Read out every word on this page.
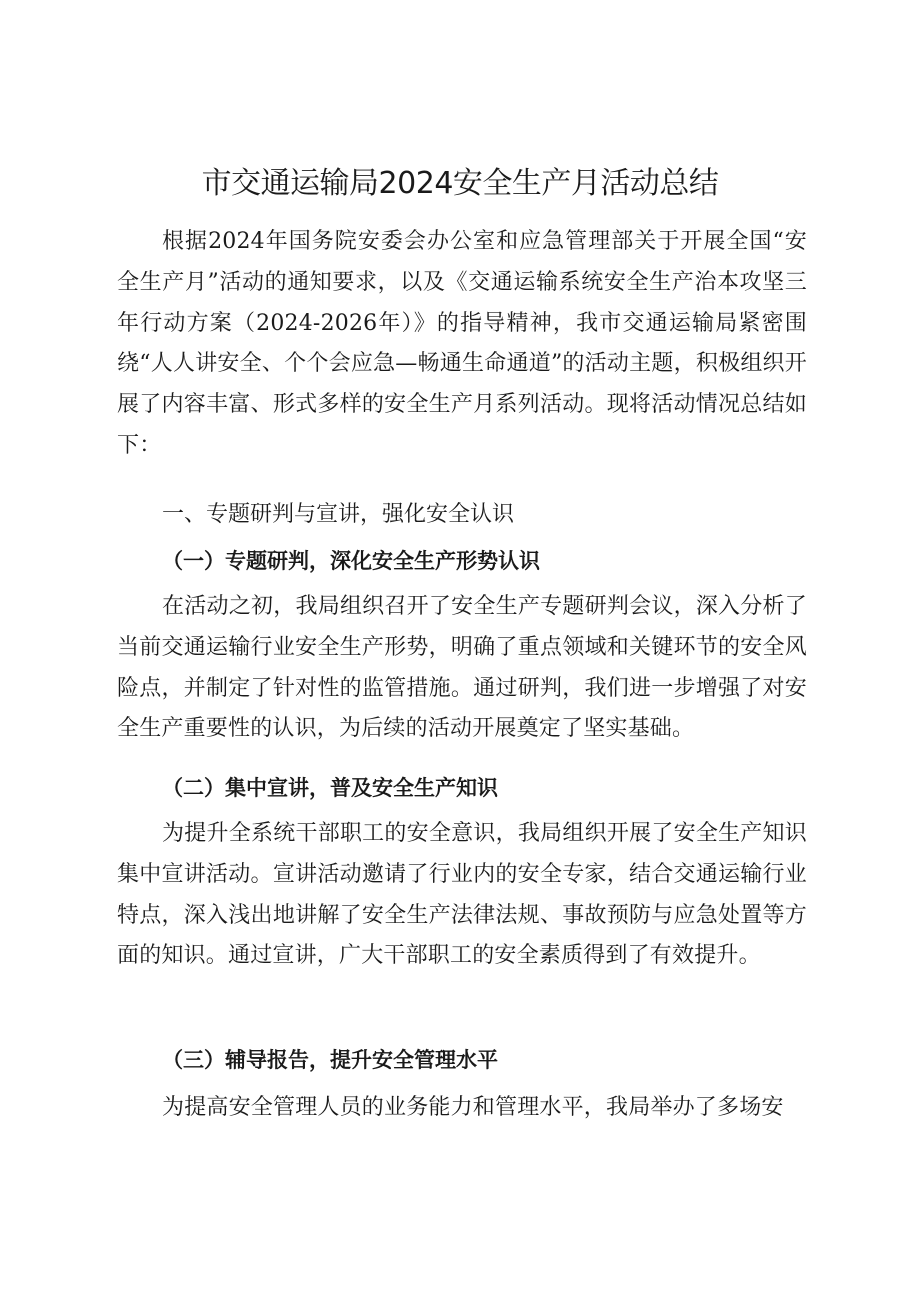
市交通运输局2024安全生产月活动总结

根据2024年国务院安委会办公室和应急管理部关于开展全国“安全生产月”活动的通知要求，以及《交通运输系统安全生产治本攻坚三年行动方案（2024-2026年）》的指导精神，我市交通运输局紧密围绕“人人讲安全、个个会应急—畅通生命通道”的活动主题，积极组织开展了内容丰富、形式多样的安全生产月系列活动。现将活动情况总结如下：

一、专题研判与宣讲，强化安全认识
（一）专题研判，深化安全生产形势认识

在活动之初，我局组织召开了安全生产专题研判会议，深入分析了当前交通运输行业安全生产形势，明确了重点领域和关键环节的安全风险点，并制定了针对性的监管措施。通过研判，我们进一步增强了对安全生产重要性的认识，为后续的活动开展奠定了坚实基础。

（二）集中宣讲，普及安全生产知识

为提升全系统干部职工的安全意识，我局组织开展了安全生产知识集中宣讲活动。宣讲活动邀请了行业内的安全专家，结合交通运输行业特点，深入浅出地讲解了安全生产法律法规、事故预防与应急处置等方面的知识。通过宣讲，广大干部职工的安全素质得到了有效提升。

（三）辅导报告，提升安全管理水平

为提高安全管理人员的业务能力和管理水平，我局举办了多场安
